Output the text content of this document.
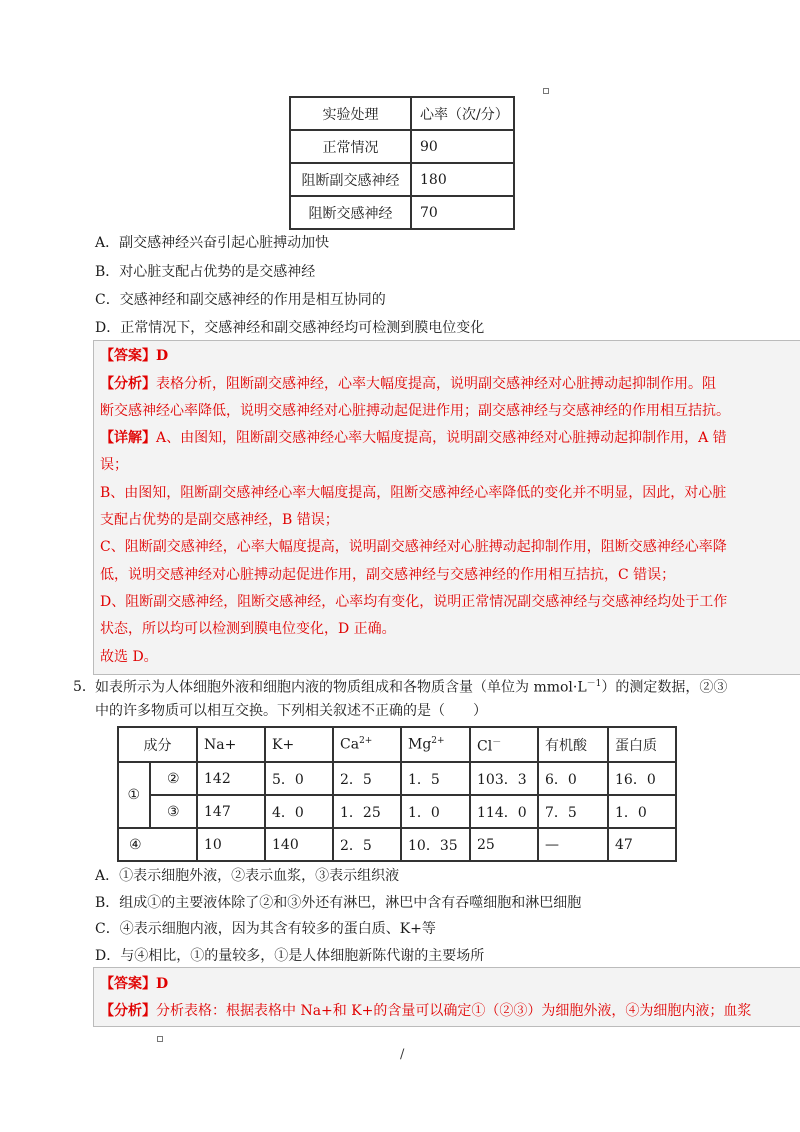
实验处理	心率（次/分）
正常情况	90
阻断副交感神经	180
阻断交感神经	70
A．副交感神经兴奋引起心脏搏动加快
B．对心脏支配占优势的是交感神经
C．交感神经和副交感神经的作用是相互协同的
D．正常情况下，交感神经和副交感神经均可检测到膜电位变化
【答案】D
【分析】表格分析，阻断副交感神经，心率大幅度提高，说明副交感神经对心脏搏动起抑制作用。阻
断交感神经心率降低，说明交感神经对心脏搏动起促进作用；副交感神经与交感神经的作用相互拮抗。
【详解】A、由图知，阻断副交感神经心率大幅度提高，说明副交感神经对心脏搏动起抑制作用，A 错
误；
B、由图知，阻断副交感神经心率大幅度提高，阻断交感神经心率降低的变化并不明显，因此，对心脏
支配占优势的是副交感神经，B 错误；
C、阻断副交感神经，心率大幅度提高，说明副交感神经对心脏搏动起抑制作用，阻断交感神经心率降
低，说明交感神经对心脏搏动起促进作用，副交感神经与交感神经的作用相互拮抗，C 错误；
D、阻断副交感神经，阻断交感神经，心率均有变化，说明正常情况副交感神经与交感神经均处于工作
状态，所以均可以检测到膜电位变化，D 正确。
故选 D。
5． 如表所示为人体细胞外液和细胞内液的物质组成和各物质含量（单位为 $mmol\cdot L^{-1}$）的测定数据，②③
中的许多物质可以相互交换。下列相关叙述不正确的是（　　）
成分		Na+	K+	$Ca^{2+}$	$Mg^{2+}$	Cl－	有机酸	蛋白质
①	②	142	5．0	2．5	1．5	103．3	6．0	16．0
	③	147	4．0	1．25	1．0	114．0	7．5	1．0
④		10	140	2．5	10．35	25	—	47
A．①表示细胞外液，②表示血浆，③表示组织液
B．组成①的主要液体除了②和③外还有淋巴，淋巴中含有吞噬细胞和淋巴细胞
C．④表示细胞内液，因为其含有较多的蛋白质、K+等
D．与④相比，①的量较多，①是人体细胞新陈代谢的主要场所
【答案】D
【分析】分析表格：根据表格中 Na+和 K+的含量可以确定①（②③）为细胞外液，④为细胞内液；血浆
/
